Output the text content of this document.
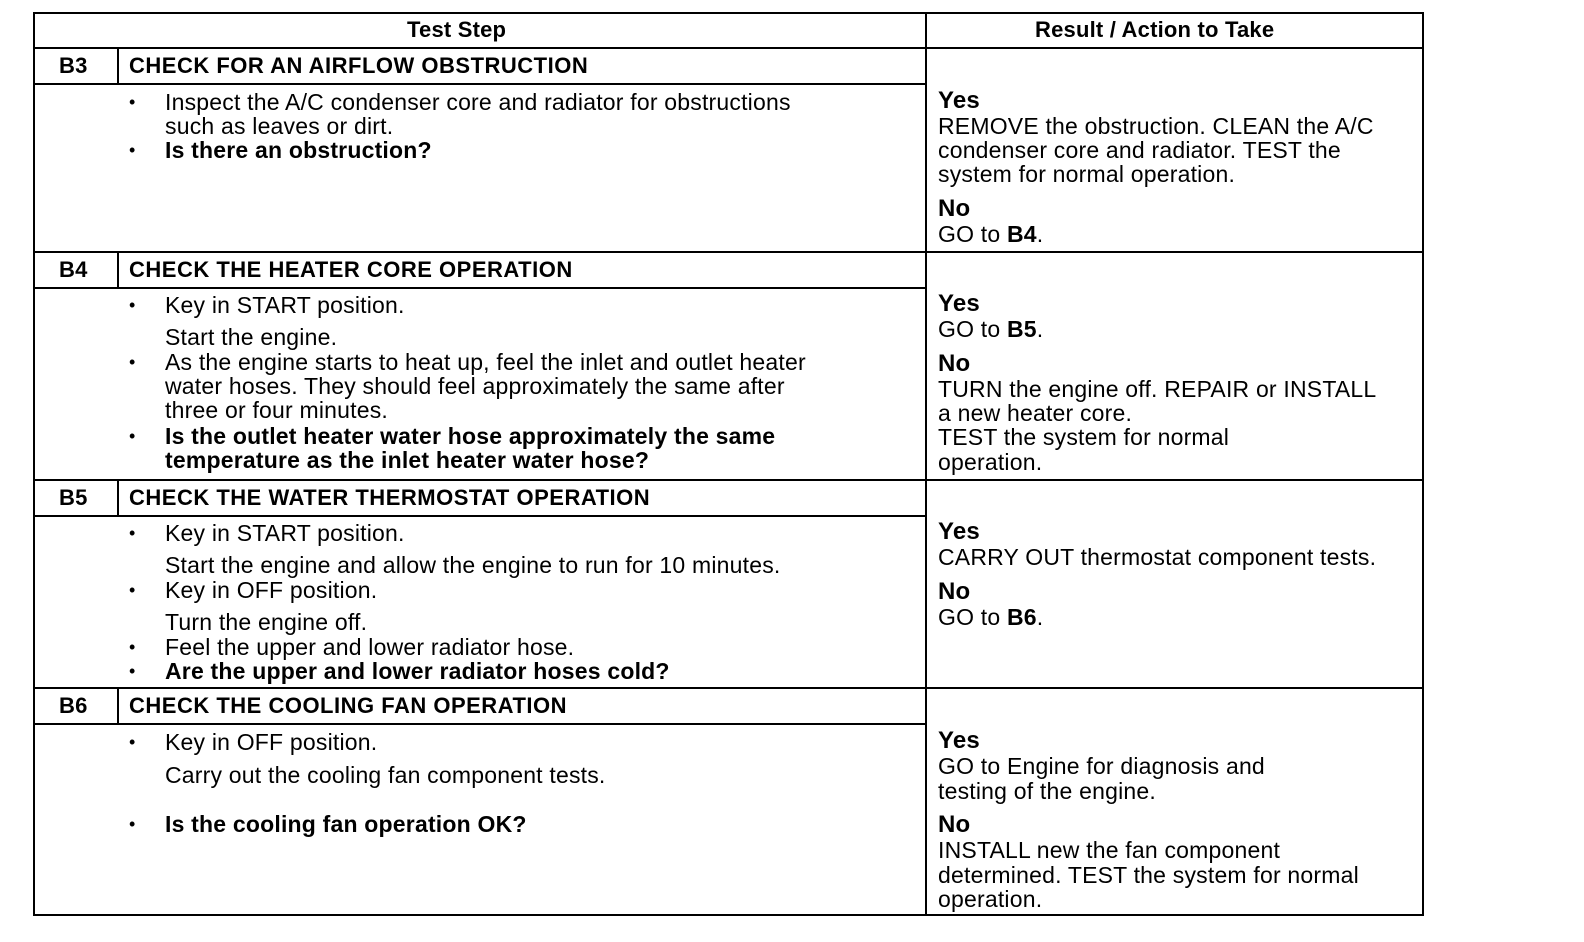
Test Step	Result / Action to Take
B3 CHECK FOR AN AIRFLOW OBSTRUCTION
• Inspect the A/C condenser core and radiator for obstructions
such as leaves or dirt.
• Is there an obstruction?
Yes
REMOVE the obstruction. CLEAN the A/C
condenser core and radiator. TEST the
system for normal operation.
No
GO to B4.
B4 CHECK THE HEATER CORE OPERATION
• Key in START position.
Start the engine.
• As the engine starts to heat up, feel the inlet and outlet heater
water hoses. They should feel approximately the same after
three or four minutes.
• Is the outlet heater water hose approximately the same
temperature as the inlet heater water hose?
Yes
GO to B5.
No
TURN the engine off. REPAIR or INSTALL
a new heater core.
TEST the system for normal
operation.
B5 CHECK THE WATER THERMOSTAT OPERATION
• Key in START position.
Start the engine and allow the engine to run for 10 minutes.
• Key in OFF position.
Turn the engine off.
• Feel the upper and lower radiator hose.
• Are the upper and lower radiator hoses cold?
Yes
CARRY OUT thermostat component tests.
No
GO to B6.
B6 CHECK THE COOLING FAN OPERATION
• Key in OFF position.
Carry out the cooling fan component tests.
• Is the cooling fan operation OK?
Yes
GO to Engine for diagnosis and
testing of the engine.
No
INSTALL new the fan component
determined. TEST the system for normal
operation.
